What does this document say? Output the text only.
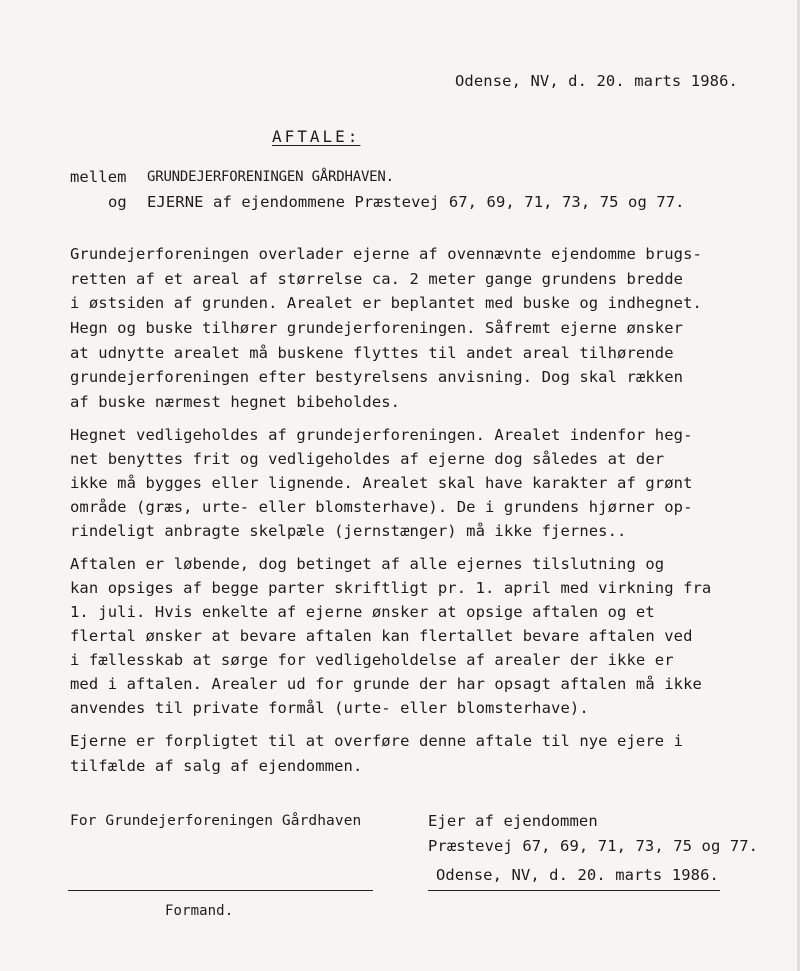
Odense, NV, d. 20. marts 1986.
AFTALE:
mellem GRUNDEJERFORENINGEN GÅRDHAVEN.
og EJERNE af ejendommene Præstevej 67, 69, 71, 73, 75 og 77.
Grundejerforeningen overlader ejerne af ovennævnte ejendomme brugs-
retten af et areal af størrelse ca. 2 meter gange grundens bredde
i østsiden af grunden. Arealet er beplantet med buske og indhegnet.
Hegn og buske tilhører grundejerforeningen. Såfremt ejerne ønsker
at udnytte arealet må buskene flyttes til andet areal tilhørende
grundejerforeningen efter bestyrelsens anvisning. Dog skal rækken
af buske nærmest hegnet bibeholdes.
Hegnet vedligeholdes af grundejerforeningen. Arealet indenfor heg-
net benyttes frit og vedligeholdes af ejerne dog således at der
ikke må bygges eller lignende. Arealet skal have karakter af grønt
område (græs, urte- eller blomsterhave). De i grundens hjørner op-
rindeligt anbragte skelpæle (jernstænger) må ikke fjernes..
Aftalen er løbende, dog betinget af alle ejernes tilslutning og
kan opsiges af begge parter skriftligt pr. 1. april med virkning fra
1. juli. Hvis enkelte af ejerne ønsker at opsige aftalen og et
flertal ønsker at bevare aftalen kan flertallet bevare aftalen ved
i fællesskab at sørge for vedligeholdelse af arealer der ikke er
med i aftalen. Arealer ud for grunde der har opsagt aftalen må ikke
anvendes til private formål (urte- eller blomsterhave).
Ejerne er forpligtet til at overføre denne aftale til nye ejere i
tilfælde af salg af ejendommen.
For Grundejerforeningen Gårdhaven
Formand.
Ejer af ejendommen
Præstevej 67, 69, 71, 73, 75 og 77.
Odense, NV, d. 20. marts 1986.
